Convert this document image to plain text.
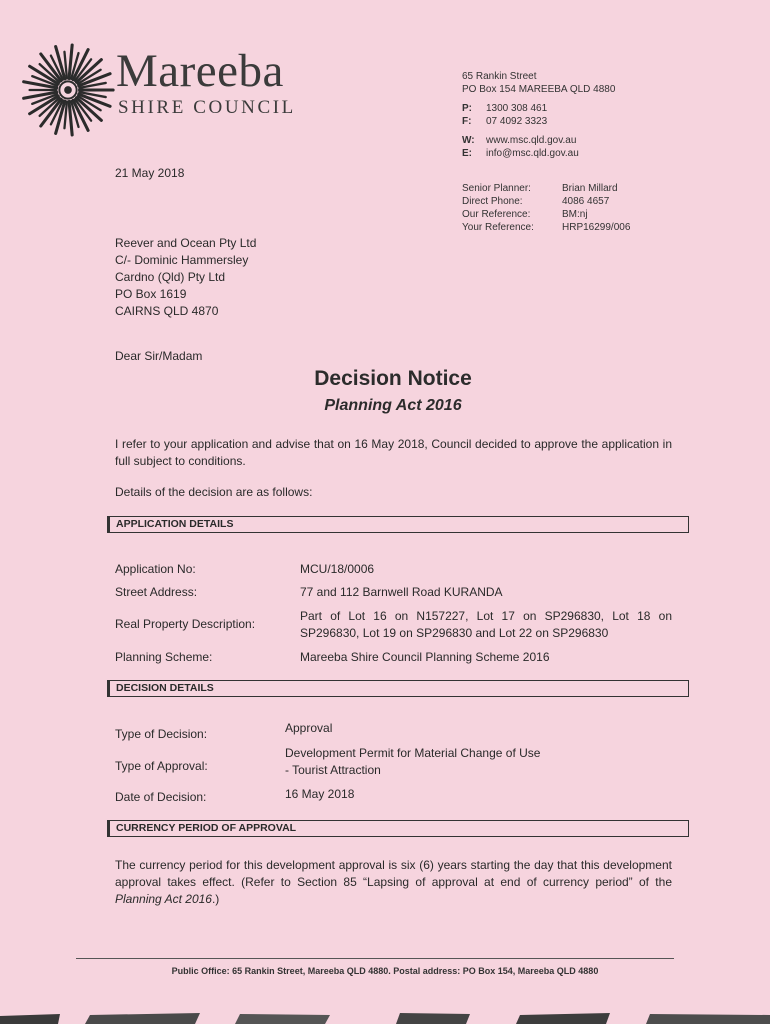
Mareeba
SHIRE COUNCIL
65 Rankin Street
PO Box 154 MAREEBA QLD 4880
P:	1300 308 461
F:	07 4092 3323
W:	www.msc.qld.gov.au
E:	info@msc.qld.gov.au
Senior Planner:	Brian Millard
Direct Phone:	4086 4657
Our Reference:	BM:nj
Your Reference:	HRP16299/006
21 May 2018
Reever and Ocean Pty Ltd
C/- Dominic Hammersley
Cardno (Qld) Pty Ltd
PO Box 1619
CAIRNS QLD 4870
Dear Sir/Madam
Decision Notice
Planning Act 2016
I refer to your application and advise that on 16 May 2018, Council decided to approve the application in full subject to conditions.
Details of the decision are as follows:
APPLICATION DETAILS
Application No:	MCU/18/0006
Street Address:	77 and 112 Barnwell Road KURANDA
Real Property Description:
Part of Lot 16 on N157227, Lot 17 on SP296830, Lot 18 on SP296830, Lot 19 on SP296830 and Lot 22 on SP296830
Planning Scheme:	Mareeba Shire Council Planning Scheme 2016
DECISION DETAILS
Type of Decision:	Approval
Type of Approval:
Development Permit for Material Change of Use
- Tourist Attraction
Date of Decision:	16 May 2018
CURRENCY PERIOD OF APPROVAL
The currency period for this development approval is six (6) years starting the day that this development approval takes effect. (Refer to Section 85 “Lapsing of approval at end of currency period” of the Planning Act 2016.)
Public Office: 65 Rankin Street, Mareeba QLD 4880. Postal address: PO Box 154, Mareeba QLD 4880
